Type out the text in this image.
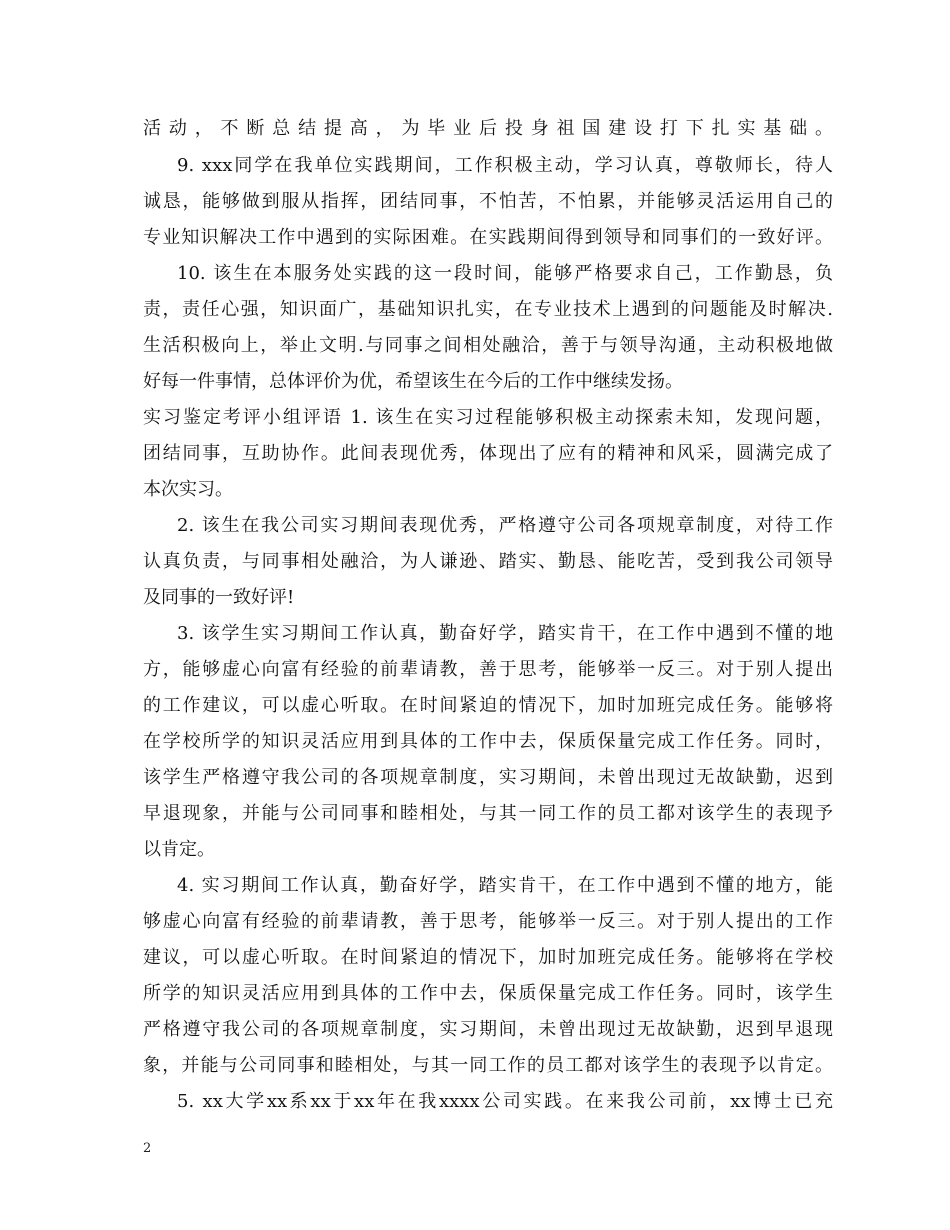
活动，不断总结提高，为毕业后投身祖国建设打下扎实基础。
9. xxx同学在我单位实践期间，工作积极主动，学习认真，尊敬师长，待人
诚恳，能够做到服从指挥，团结同事，不怕苦，不怕累，并能够灵活运用自己的
专业知识解决工作中遇到的实际困难。在实践期间得到领导和同事们的一致好评。
10. 该生在本服务处实践的这一段时间，能够严格要求自己，工作勤恳，负
责，责任心强，知识面广，基础知识扎实，在专业技术上遇到的问题能及时解决.
生活积极向上，举止文明.与同事之间相处融洽，善于与领导沟通，主动积极地做
好每一件事情，总体评价为优，希望该生在今后的工作中继续发扬。
实习鉴定考评小组评语 1. 该生在实习过程能够积极主动探索未知，发现问题，
团结同事，互助协作。此间表现优秀，体现出了应有的精神和风采，圆满完成了
本次实习。
2. 该生在我公司实习期间表现优秀，严格遵守公司各项规章制度，对待工作
认真负责，与同事相处融洽，为人谦逊、踏实、勤恳、能吃苦，受到我公司领导
及同事的一致好评!
3. 该学生实习期间工作认真，勤奋好学，踏实肯干，在工作中遇到不懂的地
方，能够虚心向富有经验的前辈请教，善于思考，能够举一反三。对于别人提出
的工作建议，可以虚心听取。在时间紧迫的情况下，加时加班完成任务。能够将
在学校所学的知识灵活应用到具体的工作中去，保质保量完成工作任务。同时，
该学生严格遵守我公司的各项规章制度，实习期间，未曾出现过无故缺勤，迟到
早退现象，并能与公司同事和睦相处，与其一同工作的员工都对该学生的表现予
以肯定。
4. 实习期间工作认真，勤奋好学，踏实肯干，在工作中遇到不懂的地方，能
够虚心向富有经验的前辈请教，善于思考，能够举一反三。对于别人提出的工作
建议，可以虚心听取。在时间紧迫的情况下，加时加班完成任务。能够将在学校
所学的知识灵活应用到具体的工作中去，保质保量完成工作任务。同时，该学生
严格遵守我公司的各项规章制度，实习期间，未曾出现过无故缺勤，迟到早退现
象，并能与公司同事和睦相处，与其一同工作的员工都对该学生的表现予以肯定。
5. xx大学xx系xx于xx年在我xxxx公司实践。在来我公司前，xx博士已充
2
